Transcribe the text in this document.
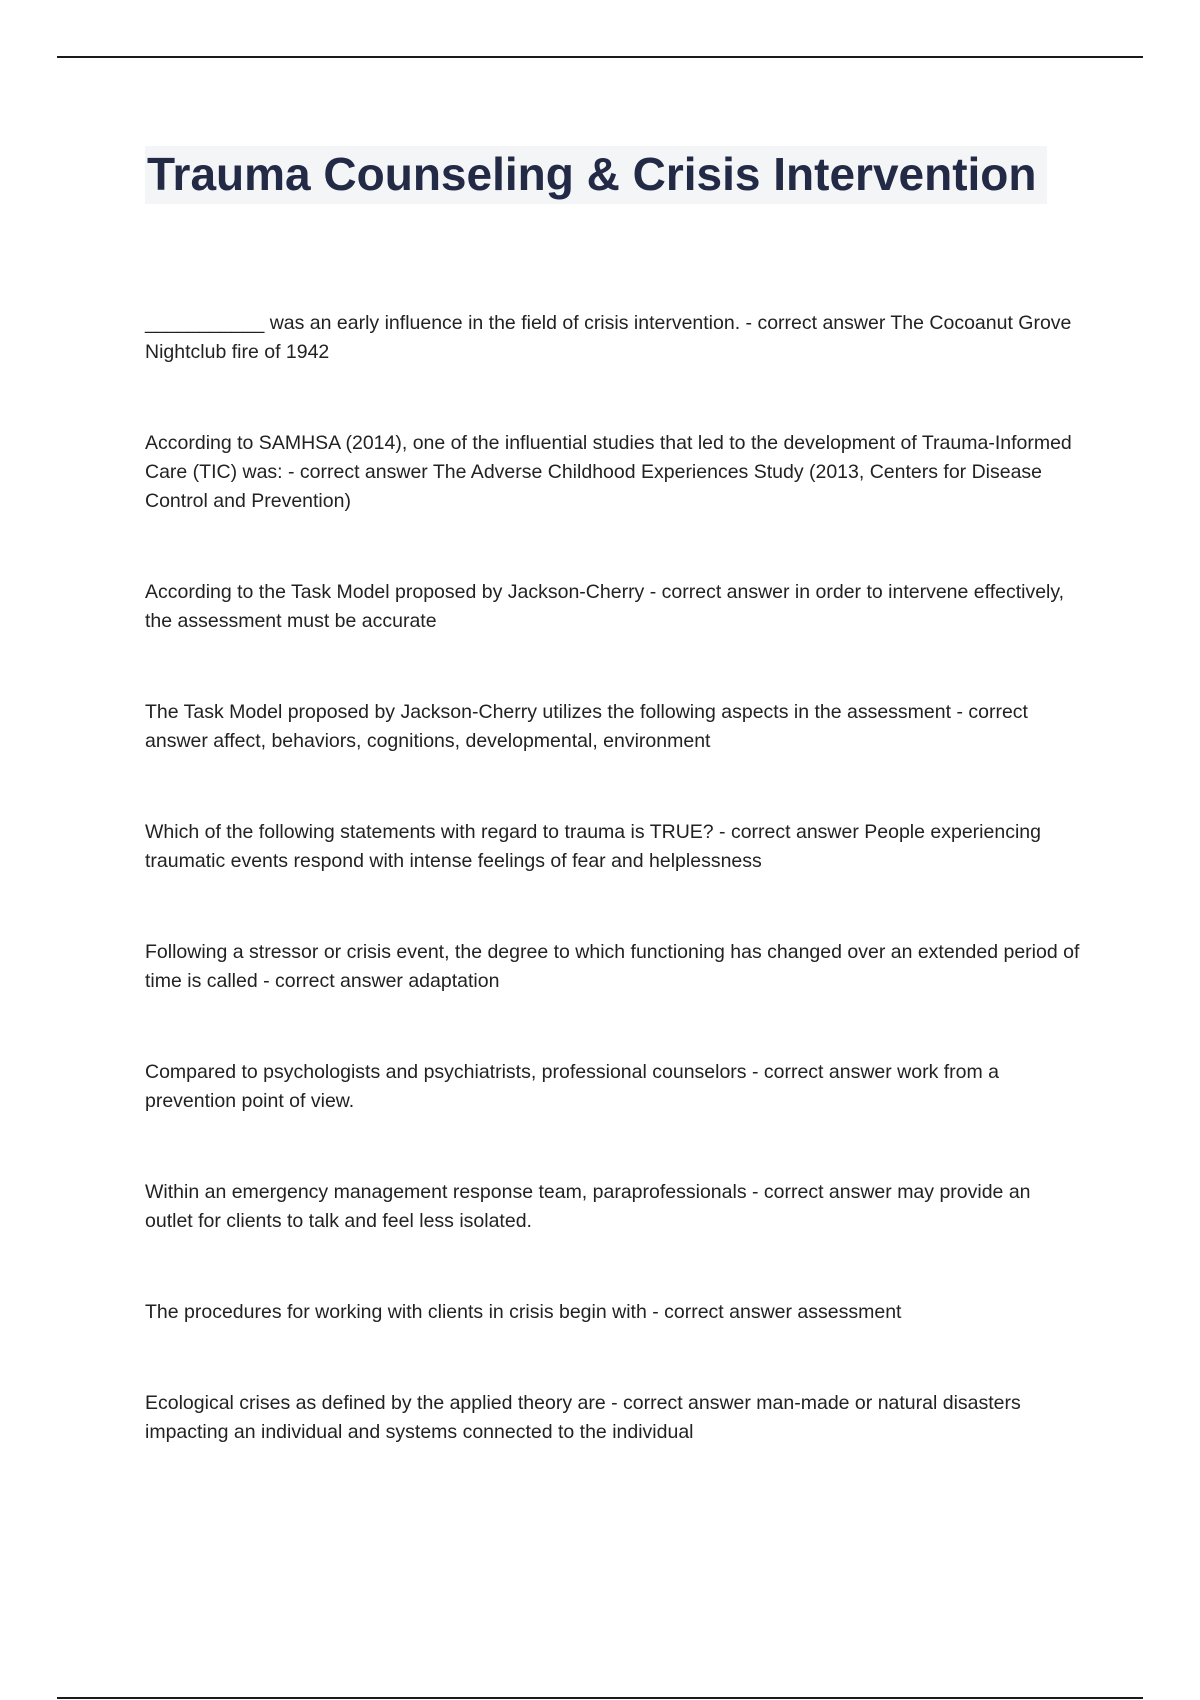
Trauma Counseling & Crisis Intervention

___________ was an early influence in the field of crisis intervention. - correct answer The Cocoanut Grove Nightclub fire of 1942

According to SAMHSA (2014), one of the influential studies that led to the development of Trauma-Informed Care (TIC) was: - correct answer The Adverse Childhood Experiences Study (2013, Centers for Disease Control and Prevention)

According to the Task Model proposed by Jackson-Cherry - correct answer in order to intervene effectively, the assessment must be accurate

The Task Model proposed by Jackson-Cherry utilizes the following aspects in the assessment - correct answer affect, behaviors, cognitions, developmental, environment

Which of the following statements with regard to trauma is TRUE? - correct answer People experiencing traumatic events respond with intense feelings of fear and helplessness

Following a stressor or crisis event, the degree to which functioning has changed over an extended period of time is called - correct answer adaptation

Compared to psychologists and psychiatrists, professional counselors - correct answer work from a prevention point of view.

Within an emergency management response team, paraprofessionals - correct answer may provide an outlet for clients to talk and feel less isolated.

The procedures for working with clients in crisis begin with - correct answer assessment

Ecological crises as defined by the applied theory are - correct answer man-made or natural disasters impacting an individual and systems connected to the individual
